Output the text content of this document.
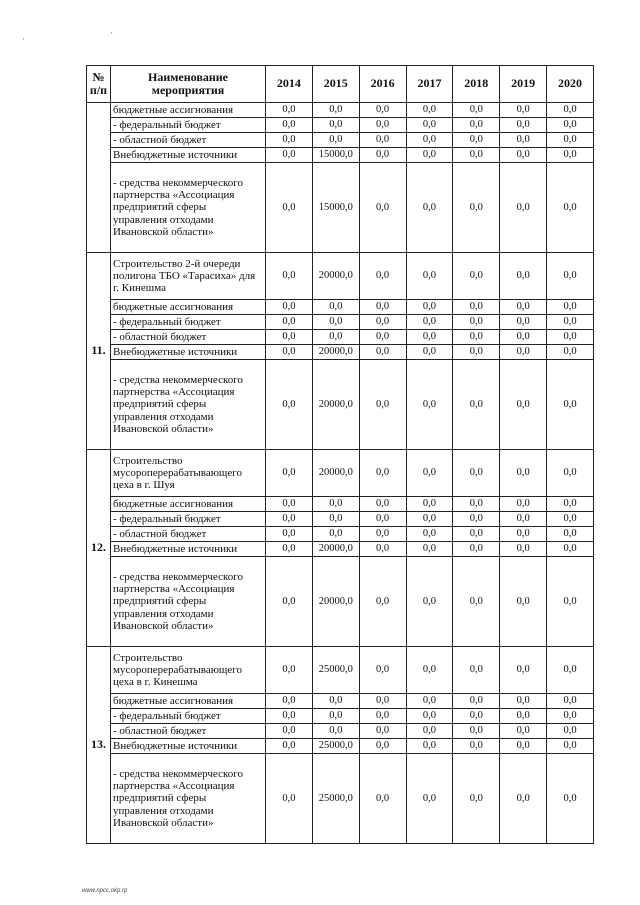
·
·
№ п/п	Наименование мероприятия	2014	2015	2016	2017	2018	2019	2020
	бюджетные ассигнования	0,0	0,0	0,0	0,0	0,0	0,0	0,0
	- федеральный бюджет	0,0	0,0	0,0	0,0	0,0	0,0	0,0
	- областной бюджет	0,0	0,0	0,0	0,0	0,0	0,0	0,0
	Внебюджетные источники	0,0	15000,0	0,0	0,0	0,0	0,0	0,0
	- средства некоммерческого партнерства «Ассоциация предприятий сферы управления отходами Ивановской области»	0,0	15000,0	0,0	0,0	0,0	0,0	0,0
11.	Строительство 2-й очереди полигона ТБО «Тарасиха» для г. Кинешма	0,0	20000,0	0,0	0,0	0,0	0,0	0,0
	бюджетные ассигнования	0,0	0,0	0,0	0,0	0,0	0,0	0,0
	- федеральный бюджет	0,0	0,0	0,0	0,0	0,0	0,0	0,0
	- областной бюджет	0,0	0,0	0,0	0,0	0,0	0,0	0,0
	Внебюджетные источники	0,0	20000,0	0,0	0,0	0,0	0,0	0,0
	- средства некоммерческого партнерства «Ассоциация предприятий сферы управления отходами Ивановской области»	0,0	20000,0	0,0	0,0	0,0	0,0	0,0
12.	Строительство мусороперерабатывающего цеха в г. Шуя	0,0	20000,0	0,0	0,0	0,0	0,0	0,0
	бюджетные ассигнования	0,0	0,0	0,0	0,0	0,0	0,0	0,0
	- федеральный бюджет	0,0	0,0	0,0	0,0	0,0	0,0	0,0
	- областной бюджет	0,0	0,0	0,0	0,0	0,0	0,0	0,0
	Внебюджетные источники	0,0	20000,0	0,0	0,0	0,0	0,0	0,0
	- средства некоммерческого партнерства «Ассоциация предприятий сферы управления отходами Ивановской области»	0,0	20000,0	0,0	0,0	0,0	0,0	0,0
13.	Строительство мусороперерабатывающего цеха в г. Кинешма	0,0	25000,0	0,0	0,0	0,0	0,0	0,0
	бюджетные ассигнования	0,0	0,0	0,0	0,0	0,0	0,0	0,0
	- федеральный бюджет	0,0	0,0	0,0	0,0	0,0	0,0	0,0
	- областной бюджет	0,0	0,0	0,0	0,0	0,0	0,0	0,0
	Внебюджетные источники	0,0	25000,0	0,0	0,0	0,0	0,0	0,0
	- средства некоммерческого партнерства «Ассоциация предприятий сферы управления отходами Ивановской области»	0,0	25000,0	0,0	0,0	0,0	0,0	0,0
www.npcc.okp.rp
